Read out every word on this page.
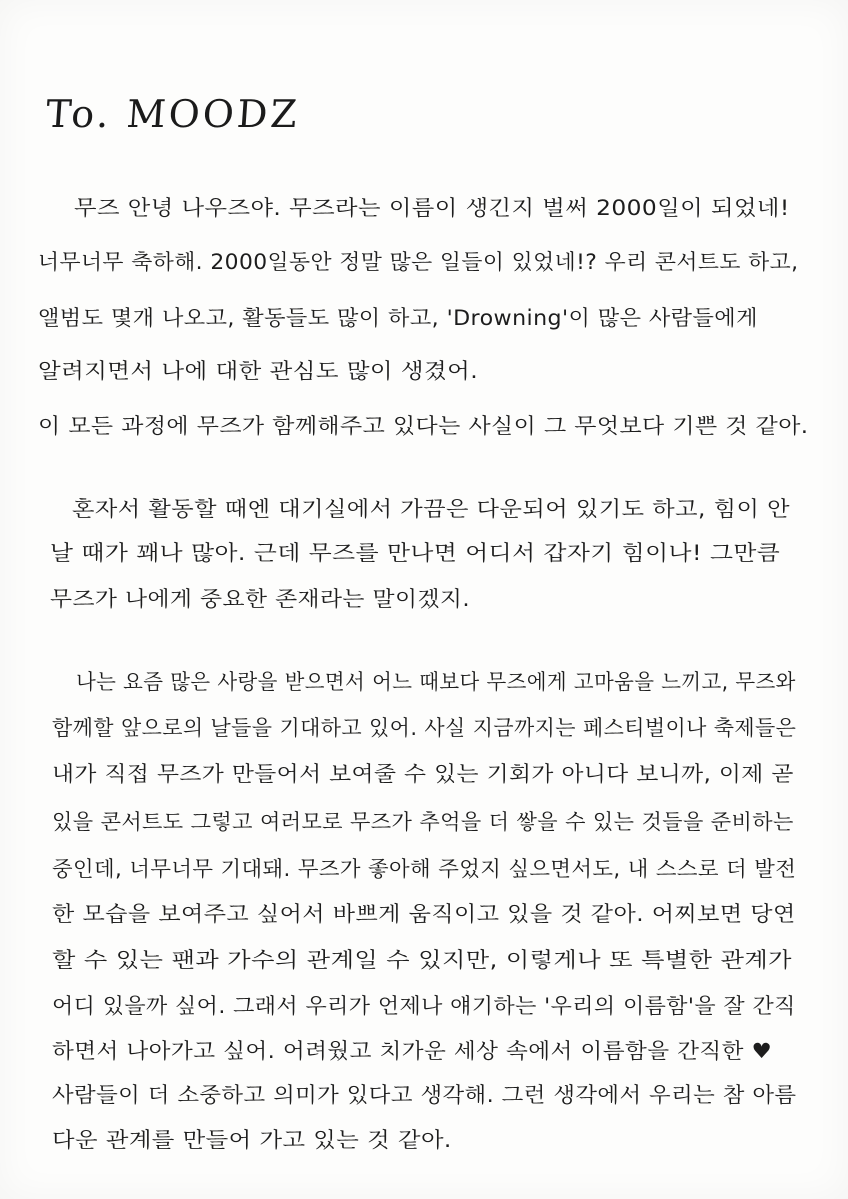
To. MOODZ
무즈 안녕 나우즈야. 무즈라는 이름이 생긴지 벌써 2000일이 되었네!
너무너무 축하해. 2000일동안 정말 많은 일들이 있었네!? 우리 콘서트도 하고,
앨범도 몇개 나오고, 활동들도 많이 하고, 'Drowning'이 많은 사람들에게
알려지면서 나에 대한 관심도 많이 생겼어.
이 모든 과정에 무즈가 함께해주고 있다는 사실이 그 무엇보다 기쁜 것 같아.
혼자서 활동할 때엔 대기실에서 가끔은 다운되어 있기도 하고, 힘이 안
날 때가 꽤나 많아. 근데 무즈를 만나면 어디서 갑자기 힘이나! 그만큼
무즈가 나에게 중요한 존재라는 말이겠지.
나는 요즘 많은 사랑을 받으면서 어느 때보다 무즈에게 고마움을 느끼고, 무즈와
함께할 앞으로의 날들을 기대하고 있어. 사실 지금까지는 페스티벌이나 축제들은
내가 직접 무즈가 만들어서 보여줄 수 있는 기회가 아니다 보니까, 이제 곧
있을 콘서트도 그렇고 여러모로 무즈가 추억을 더 쌓을 수 있는 것들을 준비하는
중인데, 너무너무 기대돼. 무즈가 좋아해 주었지 싶으면서도, 내 스스로 더 발전
한 모습을 보여주고 싶어서 바쁘게 움직이고 있을 것 같아. 어찌보면 당연
할 수 있는 팬과 가수의 관계일 수 있지만, 이렇게나 또 특별한 관계가
어디 있을까 싶어. 그래서 우리가 언제나 얘기하는 '우리의 이름함'을 잘 간직
하면서 나아가고 싶어. 어려웠고 치가운 세상 속에서 이름함을 간직한 ♥
사람들이 더 소중하고 의미가 있다고 생각해. 그런 생각에서 우리는 참 아름
다운 관계를 만들어 가고 있는 것 같아.
